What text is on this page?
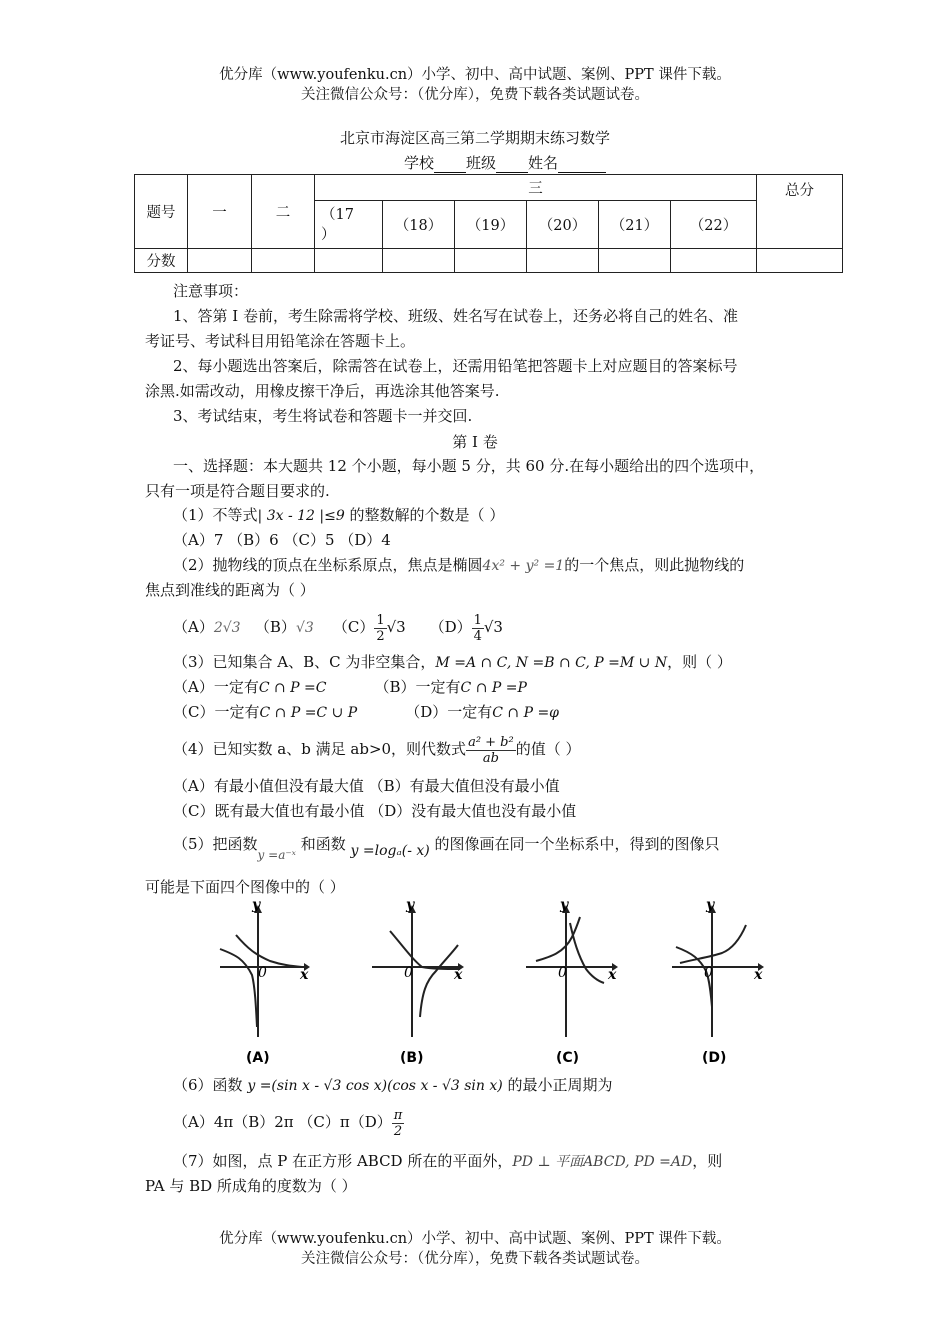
优分库（www.youfenku.cn）小学、初中、高中试题、案例、PPT 课件下载。
关注微信公众号：（优分库），免费下载各类试题试卷。
北京市海淀区高三第二学期期末练习数学
学校 班级 姓名
题号	一	二	三						总分
			（17
）	（18）	（19）	（20）	（21）	（22）	
分数									
注意事项：
1、答第 I 卷前，考生除需将学校、班级、姓名写在试卷上，还务必将自己的姓名、准
考证号、考试科目用铅笔涂在答题卡上。
2、每小题选出答案后，除需答在试卷上，还需用铅笔把答题卡上对应题目的答案标号
涂黑.如需改动，用橡皮擦干净后，再选涂其他答案号.
3、考试结束，考生将试卷和答题卡一并交回.
第 I 卷
一、选择题：本大题共 12 个小题，每小题 5 分，共 60 分.在每小题给出的四个选项中，
只有一项是符合题目要求的.
（1）不等式| 3x - 12 |≤9 的整数解的个数是（ ）
（A）7 （B）6 （C）5 （D）4
（2）抛物线的顶点在坐标系原点，焦点是椭圆4x² + y² =1的一个焦点，则此抛物线的
焦点到准线的距离为（ ）
（A）2√3 （B）√3 $(C) \frac{1}{2} √3$ $(D) \frac{1}{4} √3$
（3）已知集合 A、B、C 为非空集合，M =A ∩ C, N =B ∩ C, P =M ∪ N，则（ ）
（A）一定有C ∩ P =C	（B）一定有C ∩ P =P
（C）一定有C ∩ P =C ∪ P	（D）一定有C ∩ P =φ
（4）已知实数 a、b 满足 ab>0，则代数式 $\frac{\text{a² + b²}}{ab}$ 的值（ ）
（A）有最小值但没有最大值 （B）有最大值但没有最小值
（C）既有最大值也有最小值 （D）没有最大值也没有最小值
（5）把函数$_{y =a^-ˣ}$ 和函数 y =logₐ(- x) 的图像画在同一个坐标系中，得到的图像只
可能是下面四个图像中的（ ）
0
y
x
(A)
0
y
x
(B)
0
y
x
(C)
0
y
x
(D)
（6）函数 y =(sin x - √3 cos x)(cos x - √3 sin x) 的最小正周期为
（A）4π（B）2π $(C)\pi(D) \frac{\pi}{2}$
（7）如图，点 P 在正方形 ABCD 所在的平面外，PD ⊥ 平面ABCD, PD =AD，则
PA 与 BD 所成角的度数为（ ）
优分库（www.youfenku.cn）小学、初中、高中试题、案例、PPT 课件下载。
关注微信公众号：（优分库），免费下载各类试题试卷。
